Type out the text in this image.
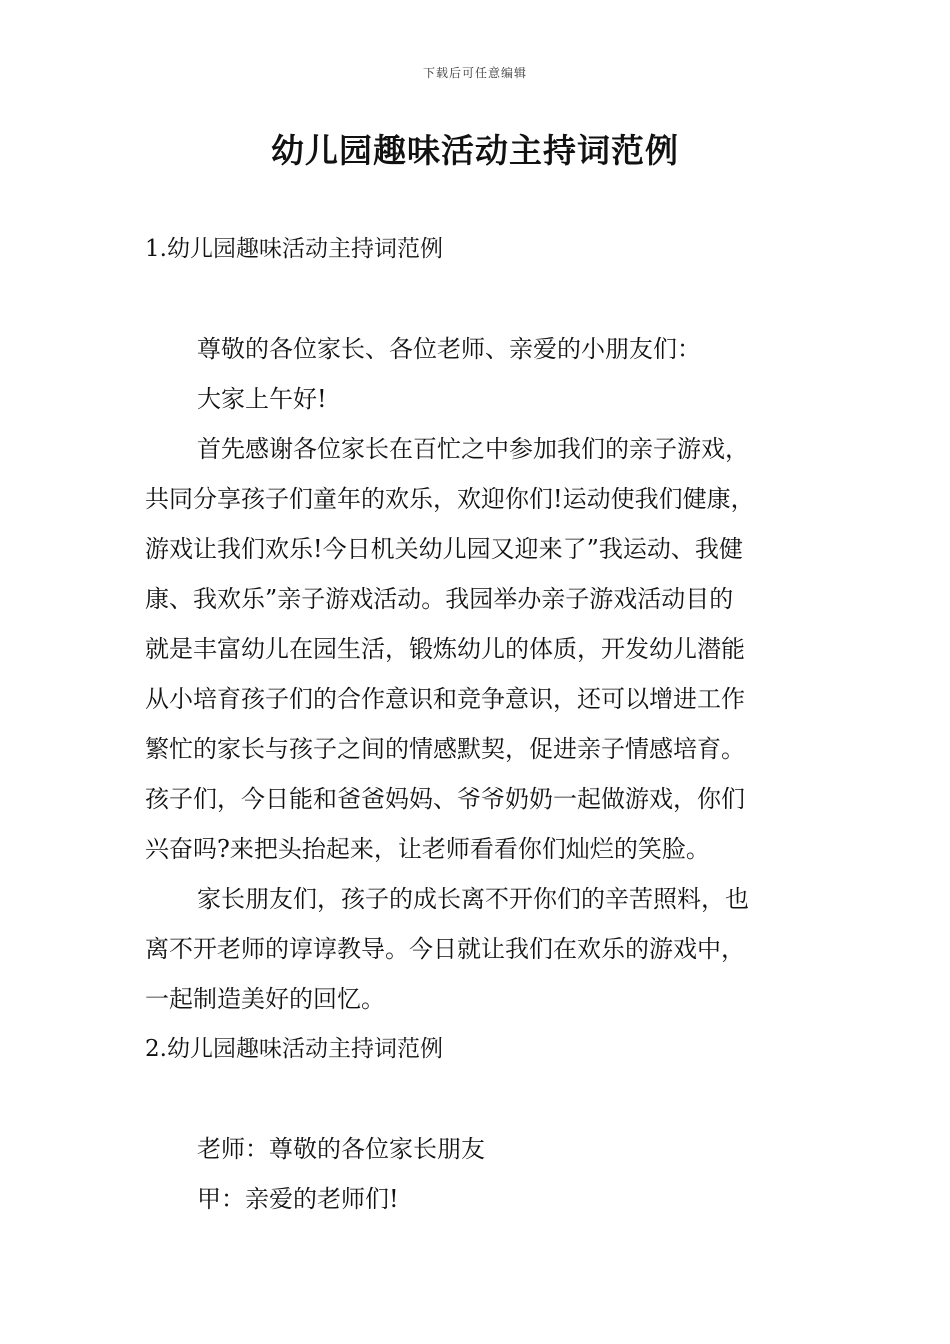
下载后可任意编辑
幼儿园趣味活动主持词范例
1.幼儿园趣味活动主持词范例
尊敬的各位家长、各位老师、亲爱的小朋友们：
大家上午好!
首先感谢各位家长在百忙之中参加我们的亲子游戏，
共同分享孩子们童年的欢乐，欢迎你们!运动使我们健康，
游戏让我们欢乐!今日机关幼儿园又迎来了”我运动、我健
康、我欢乐”亲子游戏活动。我园举办亲子游戏活动目的
就是丰富幼儿在园生活，锻炼幼儿的体质，开发幼儿潜能
从小培育孩子们的合作意识和竞争意识，还可以增进工作
繁忙的家长与孩子之间的情感默契，促进亲子情感培育。
孩子们，今日能和爸爸妈妈、爷爷奶奶一起做游戏，你们
兴奋吗?来把头抬起来，让老师看看你们灿烂的笑脸。
家长朋友们，孩子的成长离不开你们的辛苦照料，也
离不开老师的谆谆教导。今日就让我们在欢乐的游戏中，
一起制造美好的回忆。
2.幼儿园趣味活动主持词范例
老师：尊敬的各位家长朋友
甲：亲爱的老师们!
